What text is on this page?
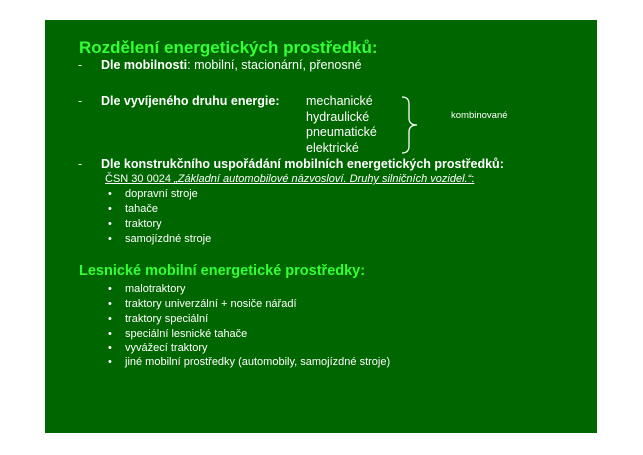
Rozdělení energetických prostředků:
- Dle mobilnosti: mobilní, stacionární, přenosné
- Dle vyvíjeného druhu energie: mechanické
hydraulické
pneumatické
elektrické
kombinované
- Dle konstrukčního uspořádání mobilních energetických prostředků:
ČSN 30 0024 „Základní automobilové názvosloví. Druhy silničních vozidel.“:
• dopravní stroje
• tahače
• traktory
• samojízdné stroje
Lesnické mobilní energetické prostředky:
• malotraktory
• traktory univerzální + nosiče nářadí
• traktory speciální
• speciální lesnické tahače
• vyvážecí traktory
• jiné mobilní prostředky (automobily, samojízdné stroje)
